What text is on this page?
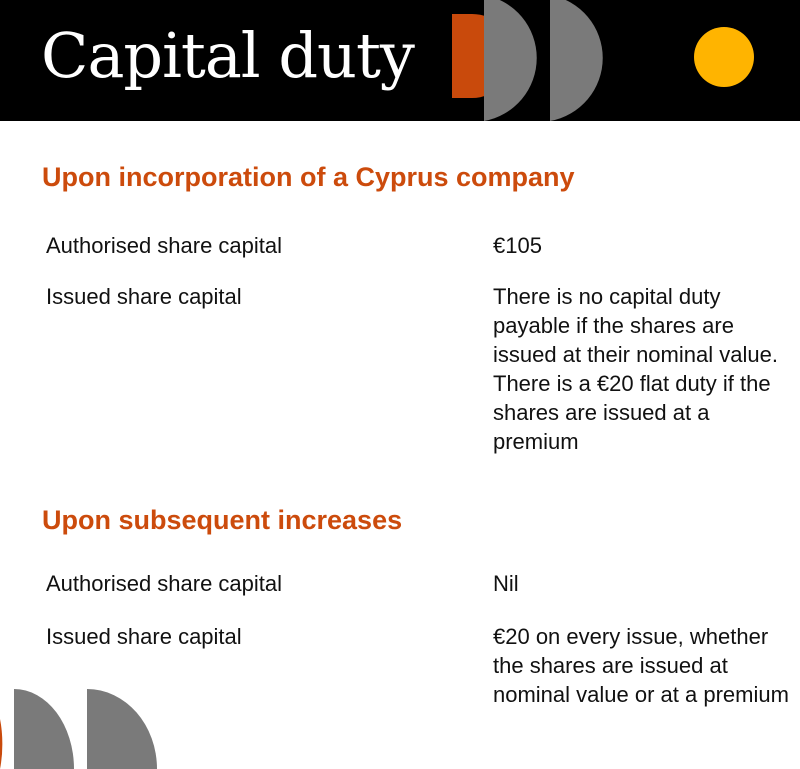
Capital duty
Upon incorporation of a Cyprus company
Authorised share capital	€105
Issued share capital	There is no capital duty payable if the shares are issued at their nominal value. There is a €20 flat duty if the shares are issued at a premium
Upon subsequent increases
Authorised share capital	Nil
Issued share capital	€20 on every issue, whether the shares are issued at nominal value or at a premium
